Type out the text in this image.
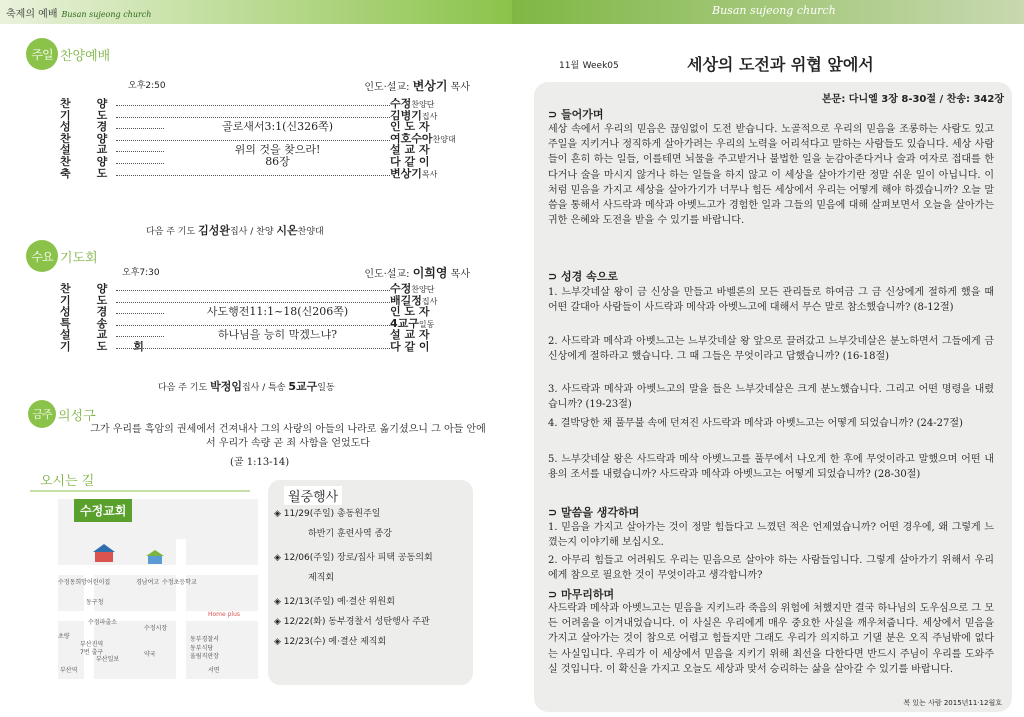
축제의 예배 Busan sujeong church
주일 찬양예배
오후2:50	인도·설교: 변상기 목사
찬양	수정찬양단
기도	김병기집사
성경	골로새서3:1(신326쪽)	인 도 자
찬양	여호수아찬양대
설교	위의 것을 찾으라!	설 교 자
찬양	86장	다 같 이
축도	변상기목사
다음 주 기도 김성완집사 / 찬양 시온찬양대
수요 기도회
오후7:30	인도·설교: 이희영 목사
찬양	수정찬양단
기도	배길정집사
성경	사도행전11:1~18(신206쪽)	인 도 자
특송	4교구일동
설교	하나님을 능히 막겠느냐?	설 교 자
기도회	다 같 이
다음 주 기도 박정임집사 / 특송 5교구일동
금주 의성구
그가 우리를 흑암의 권세에서 건져내사 그의 사랑의 아들의 나라로 옮기셨으니 그 아들 안에서 우리가 속량 곧 죄 사함을 얻었도다
(골 1:13-14)
오시는 길
수정교회
경남여고 수정초등학교
수정동희망어린이집
동구청
수정파출소
수정시장
Home plus
동부경찰서
부산진역
부산일보
약국
서면
부산역
초량
7번 출구
동부식당
울림직판장
월중행사
◈ 11/29(주일) 총동원주일
하반기 훈련사역 종강
◈ 12/06(주일) 장로/집사 피택 공동의회
제직회
◈ 12/13(주일) 예·결산 위원회
◈ 12/22(화) 동부경찰서 성탄행사 주관
◈ 12/23(수) 예·결산 제직회
Busan sujeong church
11월 Week05	세상의 도전과 위협 앞에서
본문: 다니엘 3장 8-30절 / 찬송: 342장
⊃ 들어가며
세상 속에서 우리의 믿음은 끊임없이 도전 받습니다. 노골적으로 우리의 믿음을 조롱하는 사람도 있고 주일을 지키거나 정직하게 살아가려는 우리의 노력을 어리석다고 말하는 사람들도 있습니다. 세상 사람들이 흔히 하는 일들, 이를테면 뇌물을 주고받거나 불법한 일을 눈감아준다거나 술과 여자로 접대를 한다거나 술을 마시지 않거나 하는 일들을 하지 않고 이 세상을 살아가기란 정말 쉬운 일이 아닙니다. 이처럼 믿음을 가지고 세상을 살아가기가 너무나 힘든 세상에서 우리는 어떻게 해야 하겠습니까? 오늘 말씀을 통해서 사드락과 메삭과 아벳느고가 경험한 일과 그들의 믿음에 대해 살펴보면서 오늘을 살아가는 귀한 은혜와 도전을 받을 수 있기를 바랍니다.
⊃ 성경 속으로
1. 느부갓네살 왕이 금 신상을 만들고 바벨론의 모든 관리들로 하여금 그 금 신상에게 절하게 했을 때 어떤 갈대아 사람들이 사드락과 메삭과 아벳느고에 대해서 무슨 말로 참소했습니까? (8-12절)
2. 사드락과 메삭과 아벳느고는 느부갓네살 왕 앞으로 끌려갔고 느부갓네살은 분노하면서 그들에게 금 신상에게 절하라고 했습니다. 그 때 그들은 무엇이라고 답했습니까? (16-18절)
3. 사드락과 메삭과 아벳느고의 말을 들은 느부갓네살은 크게 분노했습니다. 그리고 어떤 명령을 내렸습니까? (19-23절)
4. 결박당한 채 풀무불 속에 던져진 사드락과 메삭과 아벳느고는 어떻게 되었습니까? (24-27절)
5. 느부갓네살 왕은 사드락과 메삭 아벳느고를 풀무에서 나오게 한 후에 무엇이라고 말했으며 어떤 내용의 조서를 내렸습니까? 사드락과 메삭과 아벳느고는 어떻게 되었습니까? (28-30절)
⊃ 말씀을 생각하며
1. 믿음을 가지고 살아가는 것이 정말 힘들다고 느꼈던 적은 언제였습니까? 어떤 경우에, 왜 그렇게 느꼈는지 이야기해 보십시오.
2. 아무리 힘들고 어려워도 우리는 믿음으로 살아야 하는 사람들입니다. 그렇게 살아가기 위해서 우리에게 참으로 필요한 것이 무엇이라고 생각합니까?
⊃ 마무리하며
사드락과 메삭과 아벳느고는 믿음을 지키느라 죽음의 위험에 처했지만 결국 하나님의 도우심으로 그 모든 어려움을 이겨내었습니다. 이 사실은 우리에게 매우 중요한 사실을 깨우쳐줍니다. 세상에서 믿음을 가지고 살아가는 것이 참으로 어렵고 힘들지만 그래도 우리가 의지하고 기댈 분은 오직 주님밖에 없다는 사실입니다. 우리가 이 세상에서 믿음을 지키기 위해 최선을 다한다면 반드시 주님이 우리를 도와주실 것입니다. 이 확신을 가지고 오늘도 세상과 맞서 승리하는 삶을 살아갈 수 있기를 바랍니다.
복 있는 사람 2015년11·12월호
